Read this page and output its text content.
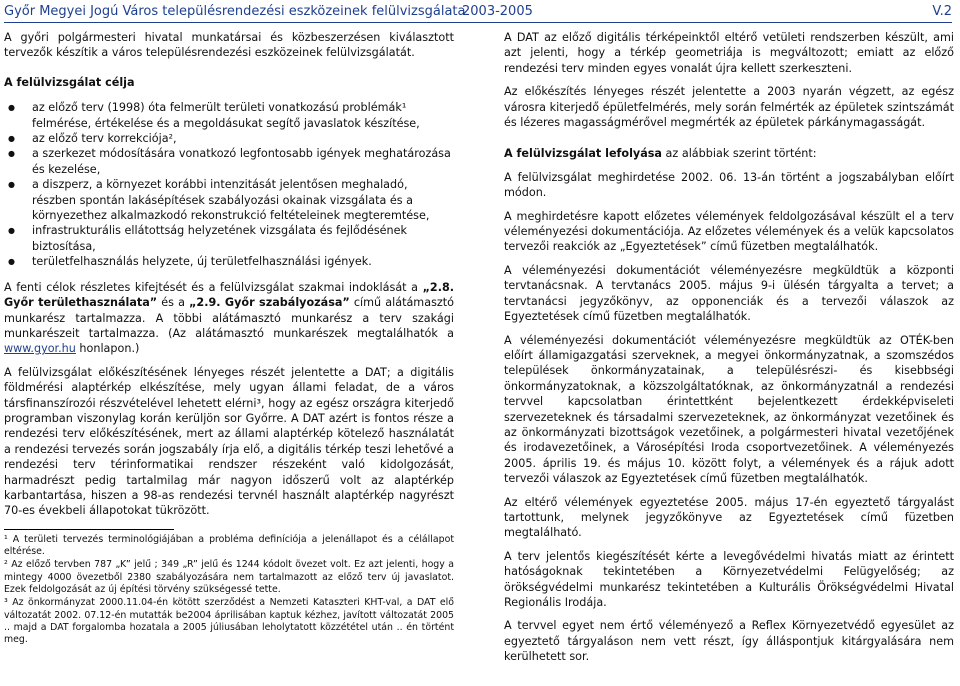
Győr Megyei Jogú Város településrendezési eszközeinek felülvizsgálata
2003-2005	V.2

A győri polgármesteri hivatal munkatársai és közbeszerzésen kiválasztott tervezők készítik a város településrendezési eszközeinek felülvizsgálatát.

A felülvizsgálat célja

● az előző terv (1998) óta felmerült területi vonatkozású problémák¹ felmérése, értékelése és a megoldásukat segítő javaslatok készítése,
● az előző terv korrekciója²,
● a szerkezet módosítására vonatkozó legfontosabb igények meghatározása és kezelése,
● a diszperz, a környezet korábbi intenzitását jelentősen meghaladó, részben spontán lakásépítések szabályozási okainak vizsgálata és a környezethez alkalmazkodó rekonstrukció feltételeinek megteremtése,
● infrastrukturális ellátottság helyzetének vizsgálata és fejlődésének biztosítása,
● területfelhasználás helyzete, új területfelhasználási igények.

A fenti célok részletes kifejtését és a felülvizsgálat szakmai indoklását a „2.8. Győr területhasználata” és a „2.9. Győr szabályozása” című alátámasztó munkarész tartalmazza. A többi alátámasztó munkarész a terv szakági munkarészeit tartalmazza. (Az alátámasztó munkarészek megtalálhatók a www.gyor.hu honlapon.)

A felülvizsgálat előkészítésének lényeges részét jelentette a DAT; a digitális földmérési alaptérkép elkészítése, mely ugyan állami feladat, de a város társfinanszírozói részvételével lehetett elérni³, hogy az egész országra kiterjedő programban viszonylag korán kerüljön sor Győrre. A DAT azért is fontos része a rendezési terv előkészítésének, mert az állami alaptérkép kötelező használatát a rendezési tervezés során jogszabály írja elő, a digitális térkép teszi lehetővé a rendezési terv térinformatikai rendszer részeként való kidolgozását, harmadrészt pedig tartalmilag már nagyon időszerű volt az alaptérkép karbantartása, hiszen a 98-as rendezési tervnél használt alaptérkép nagyrészt 70-es évekbeli állapotokat tükrözött.

¹ A területi tervezés terminológiájában a probléma definíciója a jelenállapot és a célállapot eltérése.

² Az előző tervben 787 „K” jelű ; 349 „R” jelű és 1244 kódolt övezet volt. Ez azt jelenti, hogy a mintegy 4000 övezetből 2380 szabályozására nem tartalmazott az előző terv új javaslatot. Ezek feldolgozását az új építési törvény szükségessé tette.

³ Az önkormányzat 2000.11.04-én kötött szerződést a Nemzeti Kataszteri KHT-val, a DAT elő változatát 2002. 07.12-én mutatták be2004 áprilisában kaptuk kézhez, javított változatát 2005 .. majd a DAT forgalomba hozatala a 2005 júliusában leholytatott közzététel után .. én történt meg.

A DAT az előző digitális térképeinktől eltérő vetületi rendszerben készült, ami azt jelenti, hogy a térkép geometriája is megváltozott; emiatt az előző rendezési terv minden egyes vonalát újra kellett szerkeszteni.

Az előkészítés lényeges részét jelentette a 2003 nyarán végzett, az egész városra kiterjedő épületfelmérés, mely során felmérték az épületek szintszámát és lézeres magasságmérővel megmérték az épületek párkánymagasságát.

A felülvizsgálat lefolyása az alábbiak szerint történt:

A felülvizsgálat meghirdetése 2002. 06. 13-án történt a jogszabályban előírt módon.

A meghirdetésre kapott előzetes vélemények feldolgozásával készült el a terv véleményezési dokumentációja. Az előzetes vélemények és a velük kapcsolatos tervezői reakciók az „Egyeztetések” című füzetben megtalálhatók.

A véleményezési dokumentációt véleményezésre megküldtük a központi tervtanácsnak. A tervtanács 2005. május 9-i ülésén tárgyalta a tervet; a tervtanácsi jegyzőkönyv, az opponenciák és a tervezői válaszok az Egyeztetések című füzetben megtalálhatók.

A véleményezési dokumentációt véleményezésre megküldtük az OTÉK-ben előírt államigazgatási szerveknek, a megyei önkormányzatnak, a szomszédos települések önkormányzatainak, a településrészi- és kisebbségi önkormányzatoknak, a közszolgáltatóknak, az önkormányzatnál a rendezési tervvel kapcsolatban érintettként bejelentkezett érdekképviseleti szervezeteknek és társadalmi szervezeteknek, az önkormányzat vezetőinek és az önkormányzati bizottságok vezetőinek, a polgármesteri hivatal vezetőjének és irodavezetőinek, a Városépítési Iroda csoportvezetőinek. A véleményezés 2005. április 19. és május 10. között folyt, a vélemények és a rájuk adott tervezői válaszok az Egyeztetések című füzetben megtalálhatók.

Az eltérő vélemények egyeztetése 2005. május 17-én egyeztető tárgyalást tartottunk, melynek jegyzőkönyve az Egyeztetések című füzetben megtalálható.

A terv jelentős kiegészítését kérte a levegővédelmi hivatás miatt az érintett hatóságoknak tekintetében a Környezetvédelmi Felügyelőség; az örökségvédelmi munkarész tekintetében a Kulturális Örökségvédelmi Hivatal Regionális Irodája.

A tervvel egyet nem értő véleményező a Reflex Környezetvédő egyesület az egyeztető tárgyaláson nem vett részt, így álláspontjuk kitárgyalására nem kerülhetett sor.
